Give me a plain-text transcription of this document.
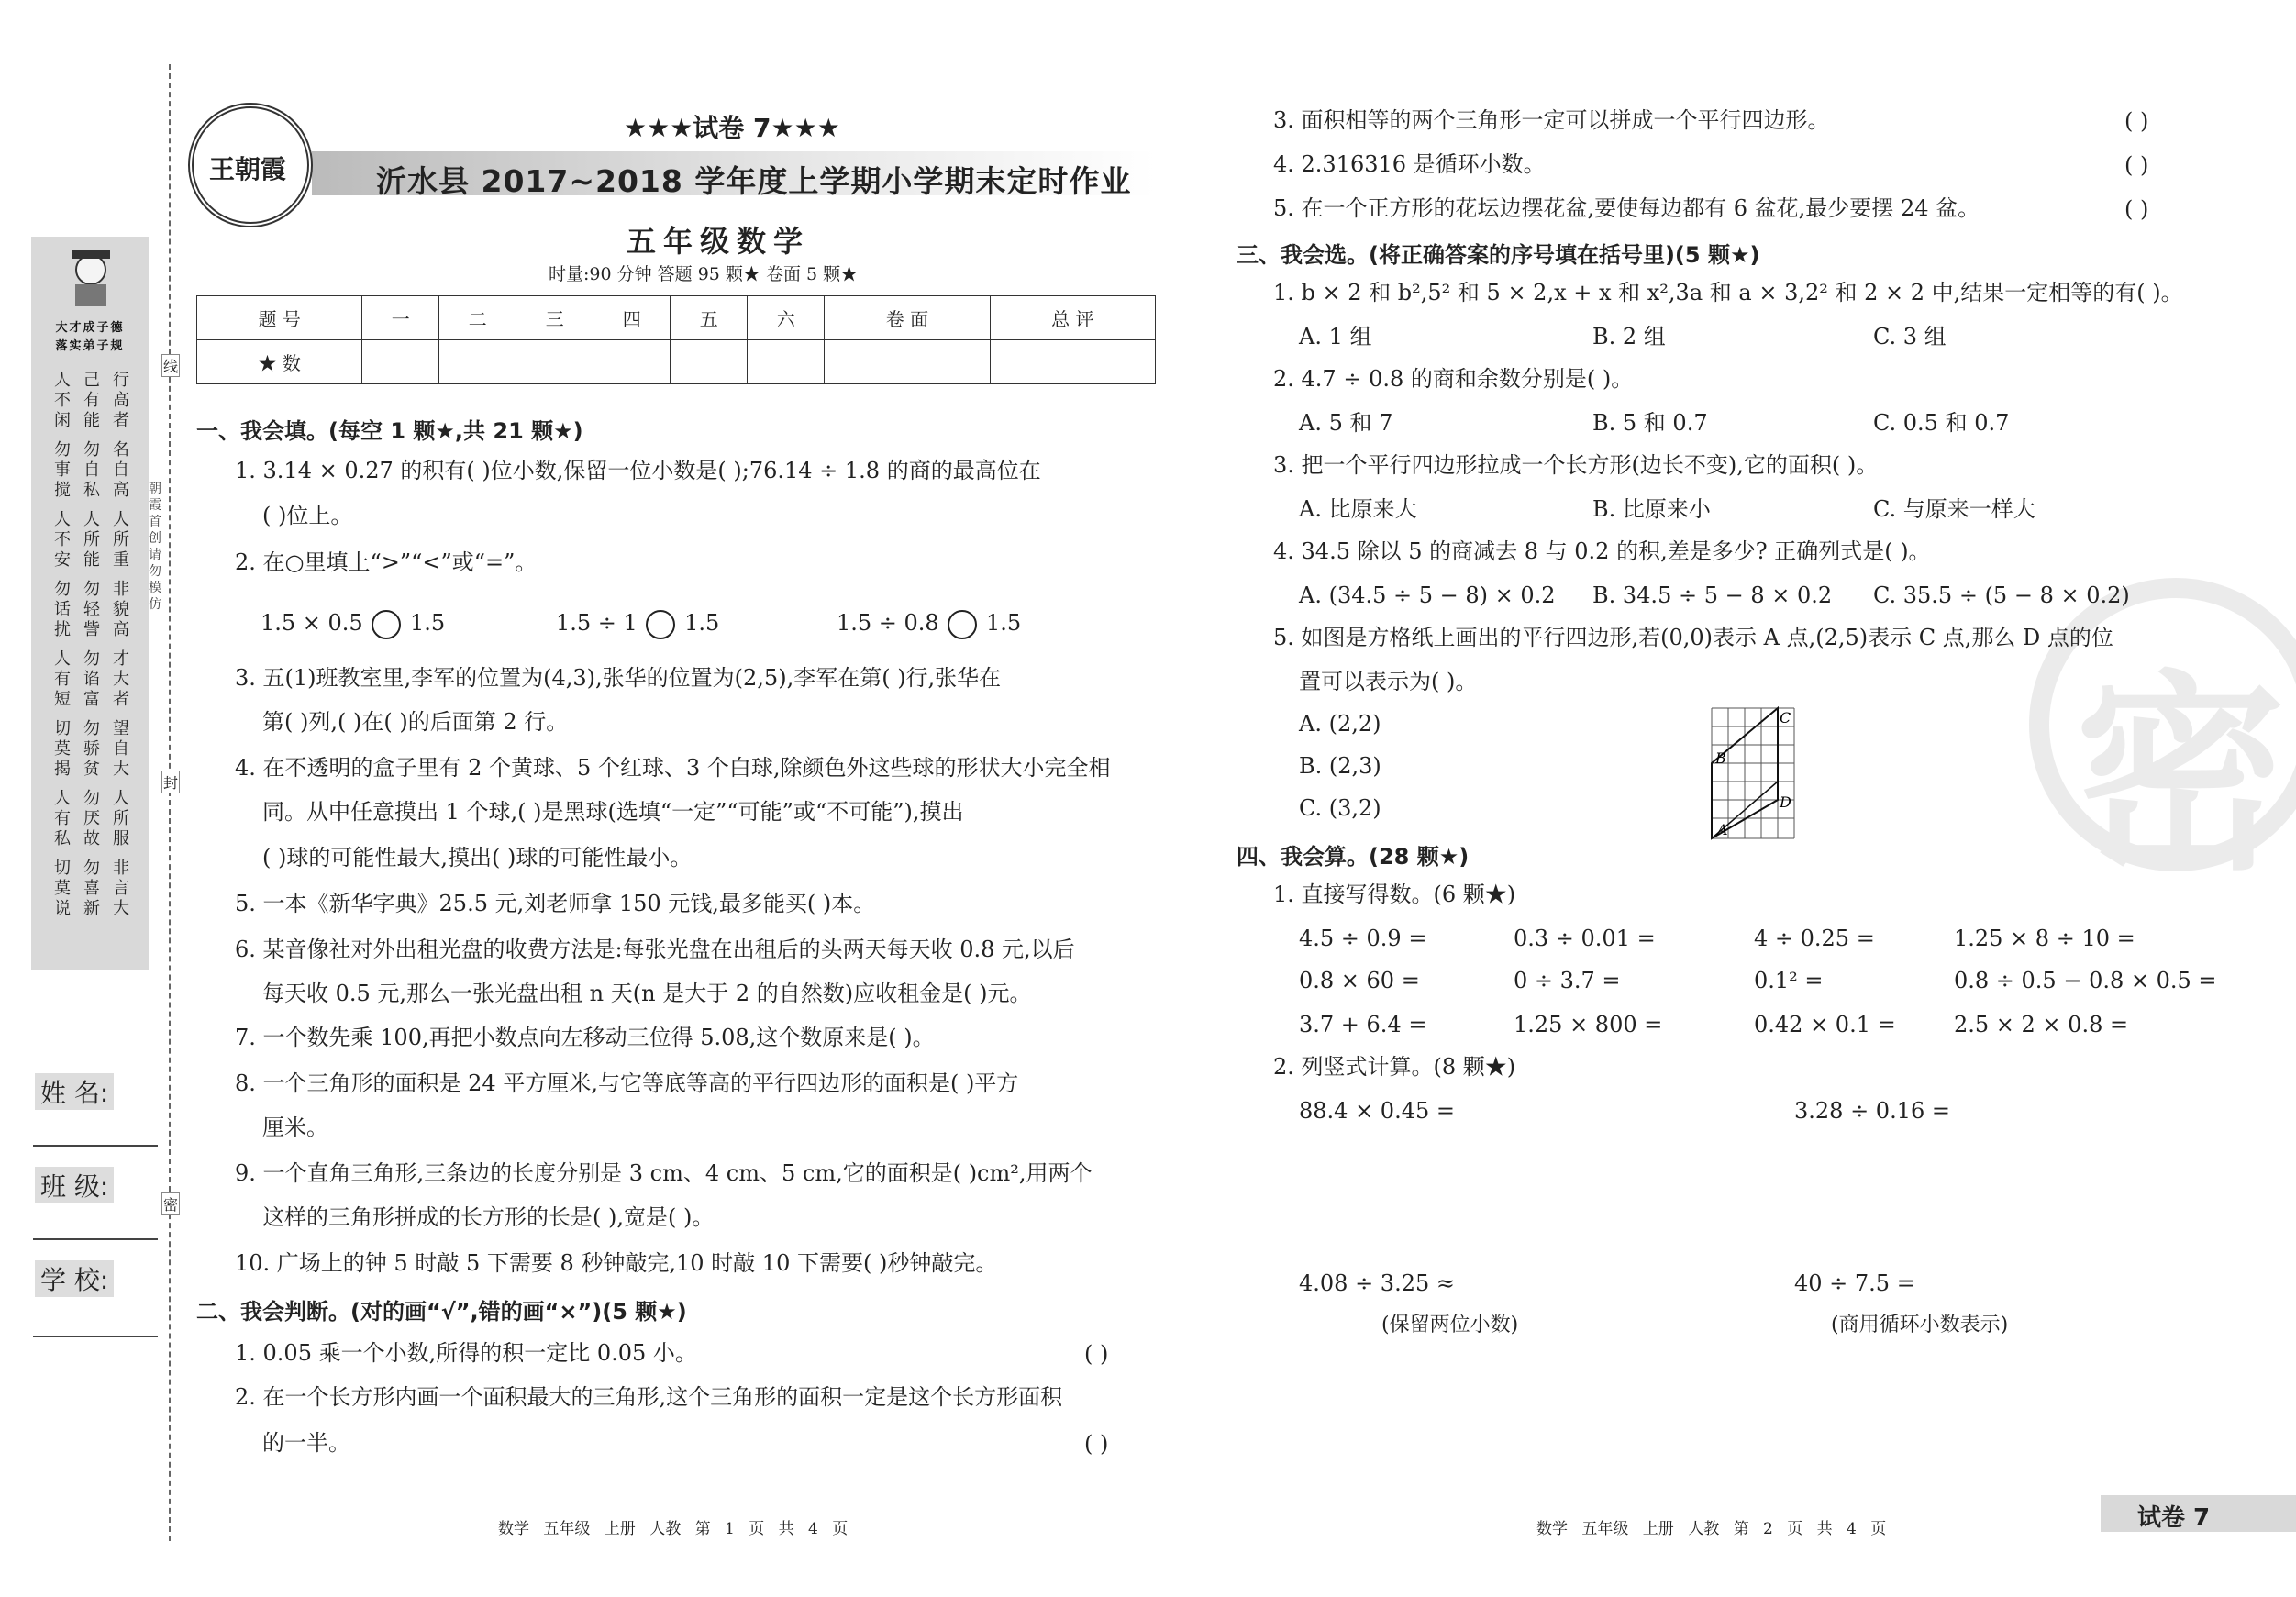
大才成子德
落实弟子规
人
不
闲
己
有
能
行
高
者
勿
事
搅
勿
自
私
名
自
高
人
不
安
人
所
能
人
所
重
勿
话
扰
勿
轻
訾
非
貌
高
人
有
短
勿
谄
富
才
大
者
切
莫
揭
勿
骄
贫
望
自
大
人
有
私
勿
厌
故
人
所
服
切
莫
说
勿
喜
新
非
言
大
线
封
密
朝霞首创 请勿模仿
姓 名:
班 级:
学 校:
王朝霞
★★★试卷 7★★★
沂水县 2017~2018 学年度上学期小学期末定时作业
五年级数学
时量:90 分钟 答题 95 颗★ 卷面 5 颗★
题 号	一	二	三	四	五	六	卷 面	总 评
★ 数								
一、我会填。(每空 1 颗★,共 21 颗★)
1. 3.14 × 0.27 的积有( )位小数,保留一位小数是( );76.14 ÷ 1.8 的商的最高位在
( )位上。
2. 在○里填上“>”“<”或“=”。
1.5 × 0.5 1.5	1.5 ÷ 1 1.5	1.5 ÷ 0.8 1.5
3. 五(1)班教室里,李军的位置为(4,3),张华的位置为(2,5),李军在第( )行,张华在
第( )列,( )在( )的后面第 2 行。
4. 在不透明的盒子里有 2 个黄球、5 个红球、3 个白球,除颜色外这些球的形状大小完全相
同。从中任意摸出 1 个球,( )是黑球(选填“一定”“可能”或“不可能”),摸出
( )球的可能性最大,摸出( )球的可能性最小。
5. 一本《新华字典》25.5 元,刘老师拿 150 元钱,最多能买( )本。
6. 某音像社对外出租光盘的收费方法是:每张光盘在出租后的头两天每天收 0.8 元,以后
每天收 0.5 元,那么一张光盘出租 n 天(n 是大于 2 的自然数)应收租金是( )元。
7. 一个数先乘 100,再把小数点向左移动三位得 5.08,这个数原来是( )。
8. 一个三角形的面积是 24 平方厘米,与它等底等高的平行四边形的面积是( )平方
厘米。
9. 一个直角三角形,三条边的长度分别是 3 cm、4 cm、5 cm,它的面积是( )cm²,用两个
这样的三角形拼成的长方形的长是( ),宽是( )。
10. 广场上的钟 5 时敲 5 下需要 8 秒钟敲完,10 时敲 10 下需要( )秒钟敲完。
二、我会判断。(对的画“√”,错的画“×”)(5 颗★)
1. 0.05 乘一个小数,所得的积一定比 0.05 小。	( )
2. 在一个长方形内画一个面积最大的三角形,这个三角形的面积一定是这个长方形面积
的一半。	( )
数学 五年级 上册 人教 第 1 页 共 4 页
密
3. 面积相等的两个三角形一定可以拼成一个平行四边形。	( )
4. 2.316316 是循环小数。	( )
5. 在一个正方形的花坛边摆花盆,要使每边都有 6 盆花,最少要摆 24 盆。	( )
三、我会选。(将正确答案的序号填在括号里)(5 颗★)
1. b × 2 和 b²,5² 和 5 × 2,x + x 和 x²,3a 和 a × 3,2² 和 2 × 2 中,结果一定相等的有( )。
A. 1 组	B. 2 组	C. 3 组
2. 4.7 ÷ 0.8 的商和余数分别是( )。
A. 5 和 7	B. 5 和 0.7	C. 0.5 和 0.7
3. 把一个平行四边形拉成一个长方形(边长不变),它的面积( )。
A. 比原来大	B. 比原来小	C. 与原来一样大
4. 34.5 除以 5 的商减去 8 与 0.2 的积,差是多少? 正确列式是( )。
A. (34.5 ÷ 5 − 8) × 0.2 B. 34.5 ÷ 5 − 8 × 0.2 C. 35.5 ÷ (5 − 8 × 0.2)
5. 如图是方格纸上画出的平行四边形,若(0,0)表示 A 点,(2,5)表示 C 点,那么 D 点的位
置可以表示为( )。
A. (2,2)
B. (2,3)
C. (3,2)
A
B
C
D
四、我会算。(28 颗★)
1. 直接写得数。(6 颗★)
4.5 ÷ 0.9 =	0.3 ÷ 0.01 =	4 ÷ 0.25 =	1.25 × 8 ÷ 10 =
0.8 × 60 =	0 ÷ 3.7 =	0.1² =	0.8 ÷ 0.5 − 0.8 × 0.5 =
3.7 + 6.4 =	1.25 × 800 =	0.42 × 0.1 =	2.5 × 2 × 0.8 =
2. 列竖式计算。(8 颗★)
88.4 × 0.45 =	3.28 ÷ 0.16 =
4.08 ÷ 3.25 ≈	40 ÷ 7.5 =
(保留两位小数)	(商用循环小数表示)
数学 五年级 上册 人教 第 2 页 共 4 页	试卷 7
